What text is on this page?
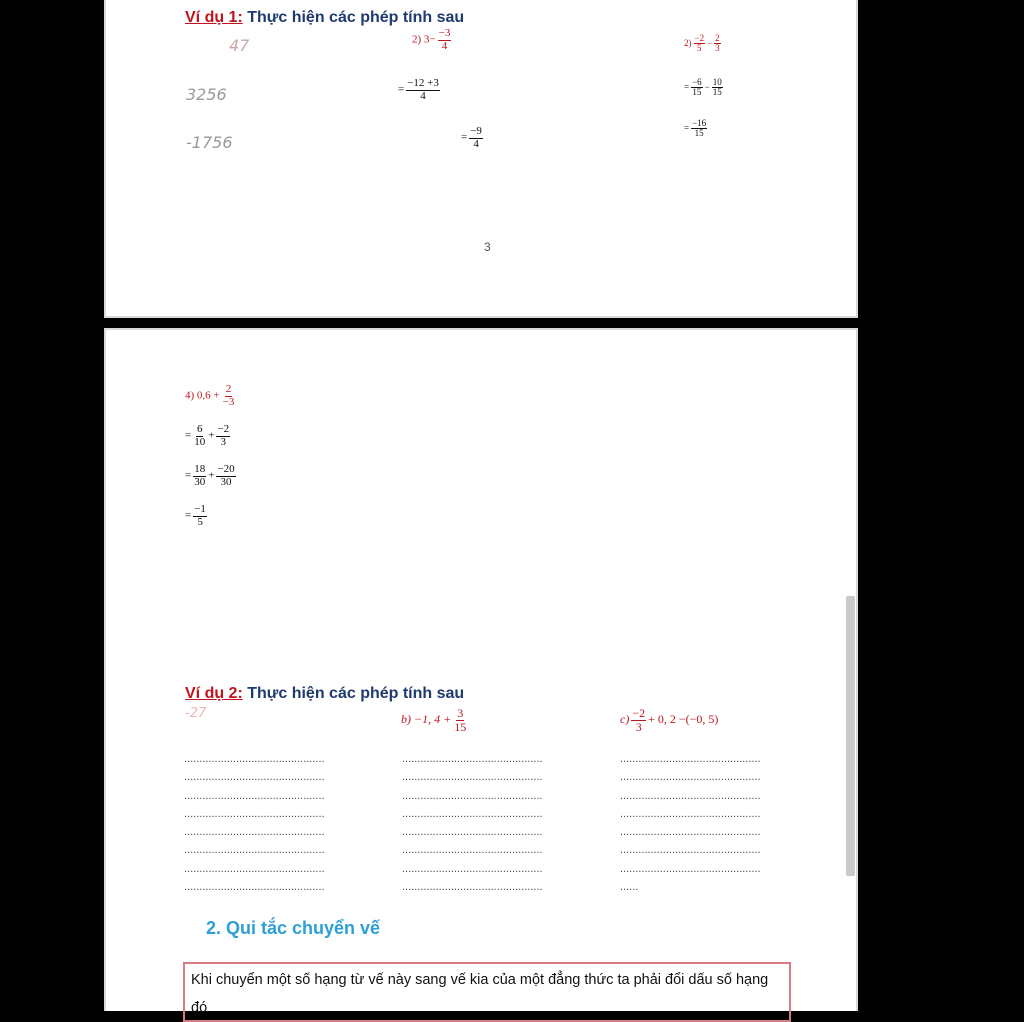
Ví dụ 1: Thực hiện các phép tính sau
47
3256
-1756
2) $3- \frac{-3}{4}$
= $\frac{-12 +3}{4}$
= $\frac{-9}{4}$
$2) \frac{-2}{5} - \frac{2}{3}$
= $\frac{-6}{15} - \frac{10}{15}$
= $\frac{-16}{15}$
3
4) $0,6 + \frac{2}{-3}$
= $\frac{6}{10} + \frac{-2}{3}$
= $\frac{18}{30} + \frac{-20}{30}$
= $\frac{-1}{5}$
Ví dụ 2: Thực hiện các phép tính sau
-27	b) −1, $4 + \frac{3}{15}$	$c) \frac{-2}{3} + 0$, 2 −(−0, 5)
..............................................
..............................................
..............................................
..............................................
..............................................
..............................................
..............................................
..............................................
..............................................
..............................................
..............................................
..............................................
..............................................
..............................................
..............................................
..............................................
..............................................
..............................................
..............................................
..............................................
..............................................
..............................................
..............................................
......
2. Qui tắc chuyển vế
Khi chuyển một số hạng từ vế này sang vế kia của một đẳng thức ta phải đổi dấu số hạng đó
